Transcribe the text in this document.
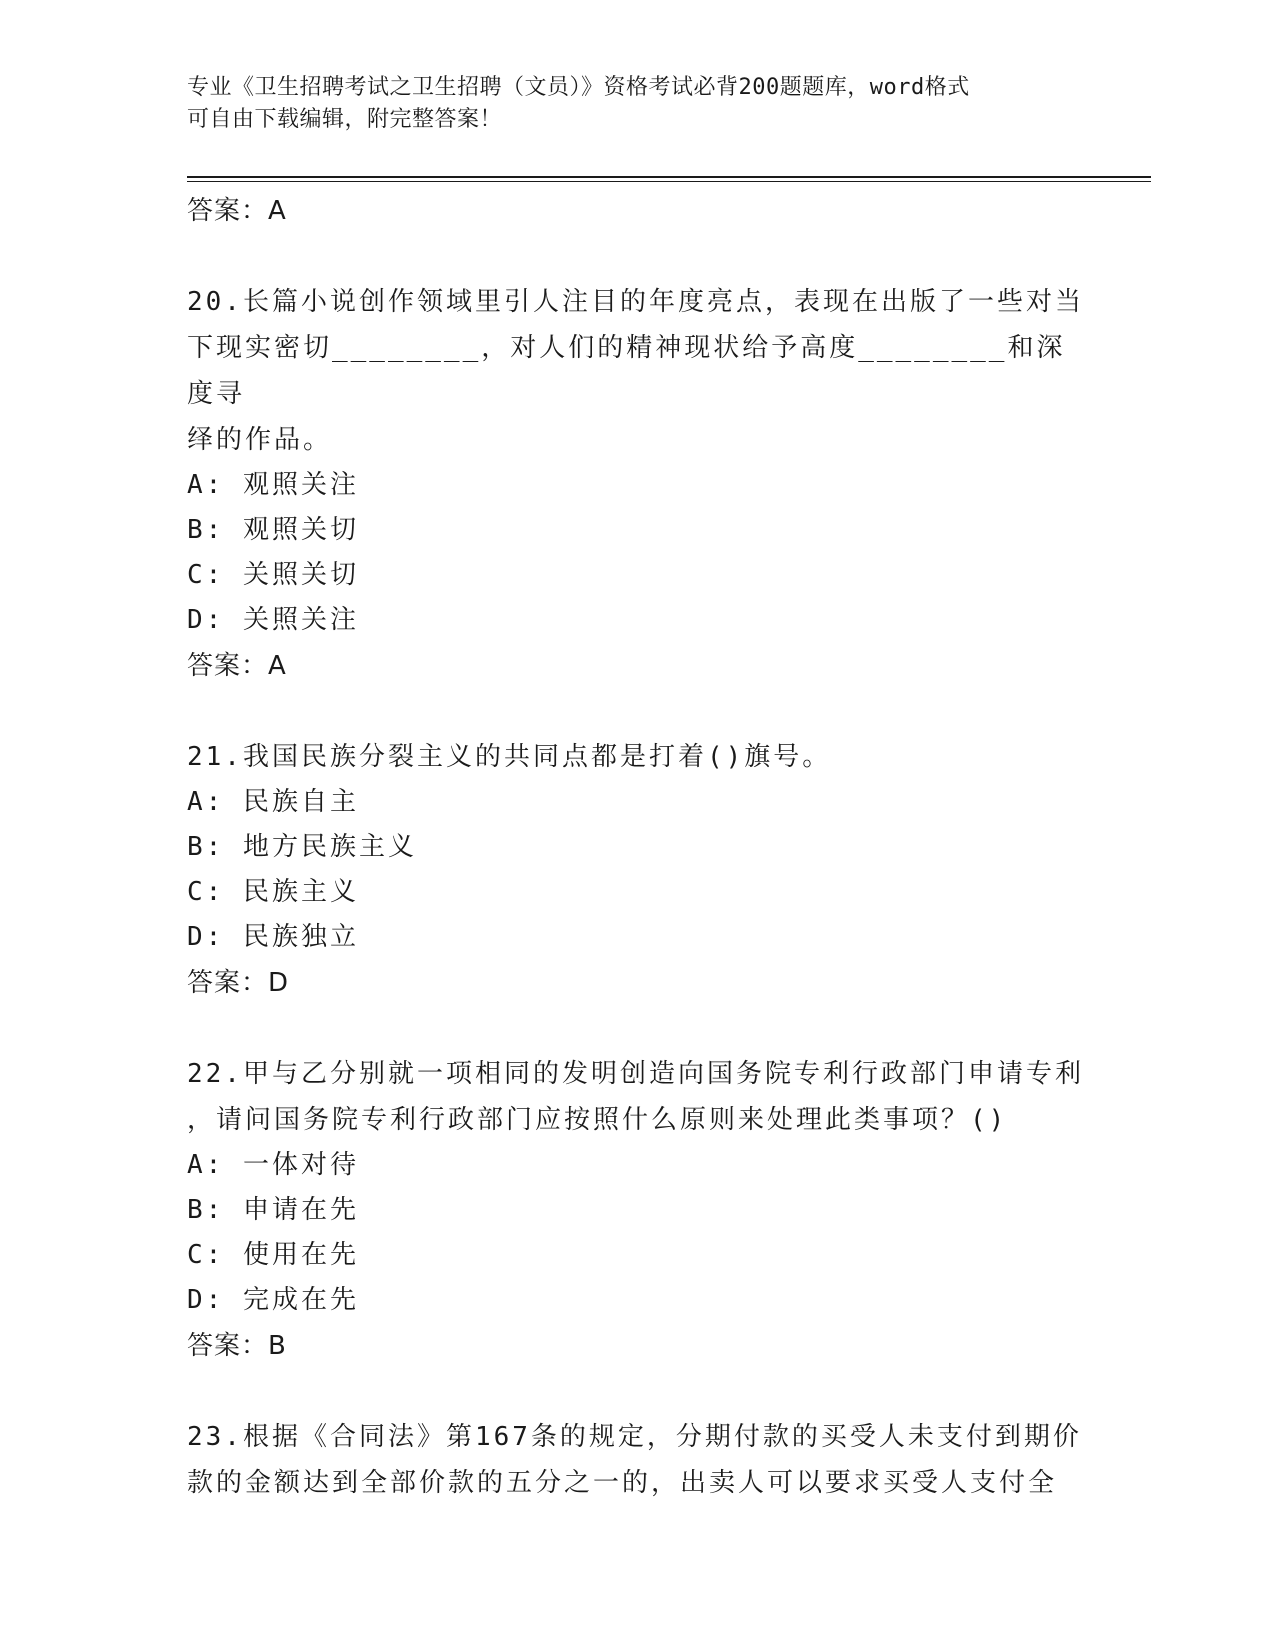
专业《卫生招聘考试之卫生招聘（文员）》资格考试必背200题题库，word格式
可自由下载编辑，附完整答案！
答案：A
20.长篇小说创作领域里引人注目的年度亮点，表现在出版了一些对当
下现实密切________，对人们的精神现状给予高度________和深度寻
绎的作品。
A: 观照关注
B: 观照关切
C: 关照关切
D: 关照关注
答案：A
21.我国民族分裂主义的共同点都是打着()旗号。
A: 民族自主
B: 地方民族主义
C: 民族主义
D: 民族独立
答案：D
22.甲与乙分别就一项相同的发明创造向国务院专利行政部门申请专利
，请问国务院专利行政部门应按照什么原则来处理此类事项？()
A: 一体对待
B: 申请在先
C: 使用在先
D: 完成在先
答案：B
23.根据《合同法》第167条的规定，分期付款的买受人未支付到期价
款的金额达到全部价款的五分之一的，出卖人可以要求买受人支付全
